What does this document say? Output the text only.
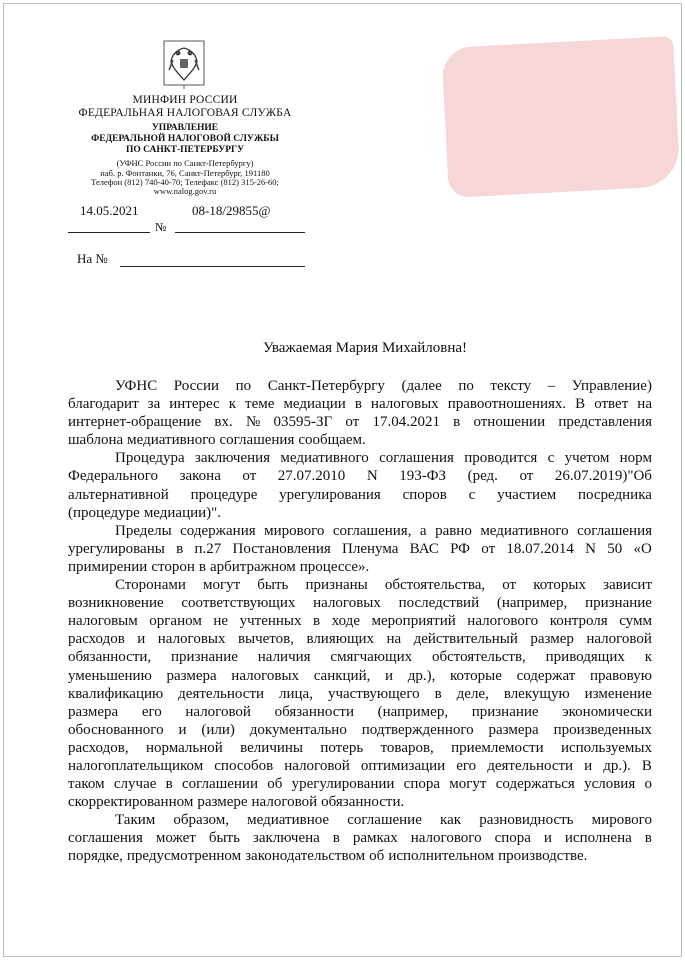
МИНФИН РОССИИ
ФЕДЕРАЛЬНАЯ НАЛОГОВАЯ СЛУЖБА
УПРАВЛЕНИЕ
ФЕДЕРАЛЬНОЙ НАЛОГОВОЙ СЛУЖБЫ
ПО САНКТ-ПЕТЕРБУРГУ
(УФНС России по Санкт-Петербургу)
наб. р. Фонтанки, 76, Санкт-Петербург, 191180
Телефон (812) 740-40-70; Телефакс (812) 315-26-60;
www.nalog.gov.ru
14.05.2021	08-18/29855@
№
На №
Уважаемая Мария Михайловна!
УФНС России по Санкт-Петербургу (далее по тексту – Управление)
благодарит за интерес к теме медиации в налоговых правоотношениях. В ответ на
интернет-обращение вх. № 03595-ЗГ от 17.04.2021 в отношении представления
шаблона медиативного соглашения сообщаем.
Процедура заключения медиативного соглашения проводится с учетом норм
Федерального закона от 27.07.2010 N 193-ФЗ (ред. от 26.07.2019)"Об
альтернативной процедуре урегулирования споров с участием посредника
(процедуре медиации)".
Пределы содержания мирового соглашения, а равно медиативного соглашения
урегулированы в п.27 Постановления Пленума ВАС РФ от 18.07.2014 N 50 «О
примирении сторон в арбитражном процессе».
Сторонами могут быть признаны обстоятельства, от которых зависит
возникновение соответствующих налоговых последствий (например, признание
налоговым органом не учтенных в ходе мероприятий налогового контроля сумм
расходов и налоговых вычетов, влияющих на действительный размер налоговой
обязанности, признание наличия смягчающих обстоятельств, приводящих к
уменьшению размера налоговых санкций, и др.), которые содержат правовую
квалификацию деятельности лица, участвующего в деле, влекущую изменение
размера его налоговой обязанности (например, признание экономически
обоснованного и (или) документально подтвержденного размера произведенных
расходов, нормальной величины потерь товаров, приемлемости используемых
налогоплательщиком способов налоговой оптимизации его деятельности и др.). В
таком случае в соглашении об урегулировании спора могут содержаться условия о
скорректированном размере налоговой обязанности.
Таким образом, медиативное соглашение как разновидность мирового
соглашения может быть заключена в рамках налогового спора и исполнена в
порядке, предусмотренном законодательством об исполнительном производстве.
